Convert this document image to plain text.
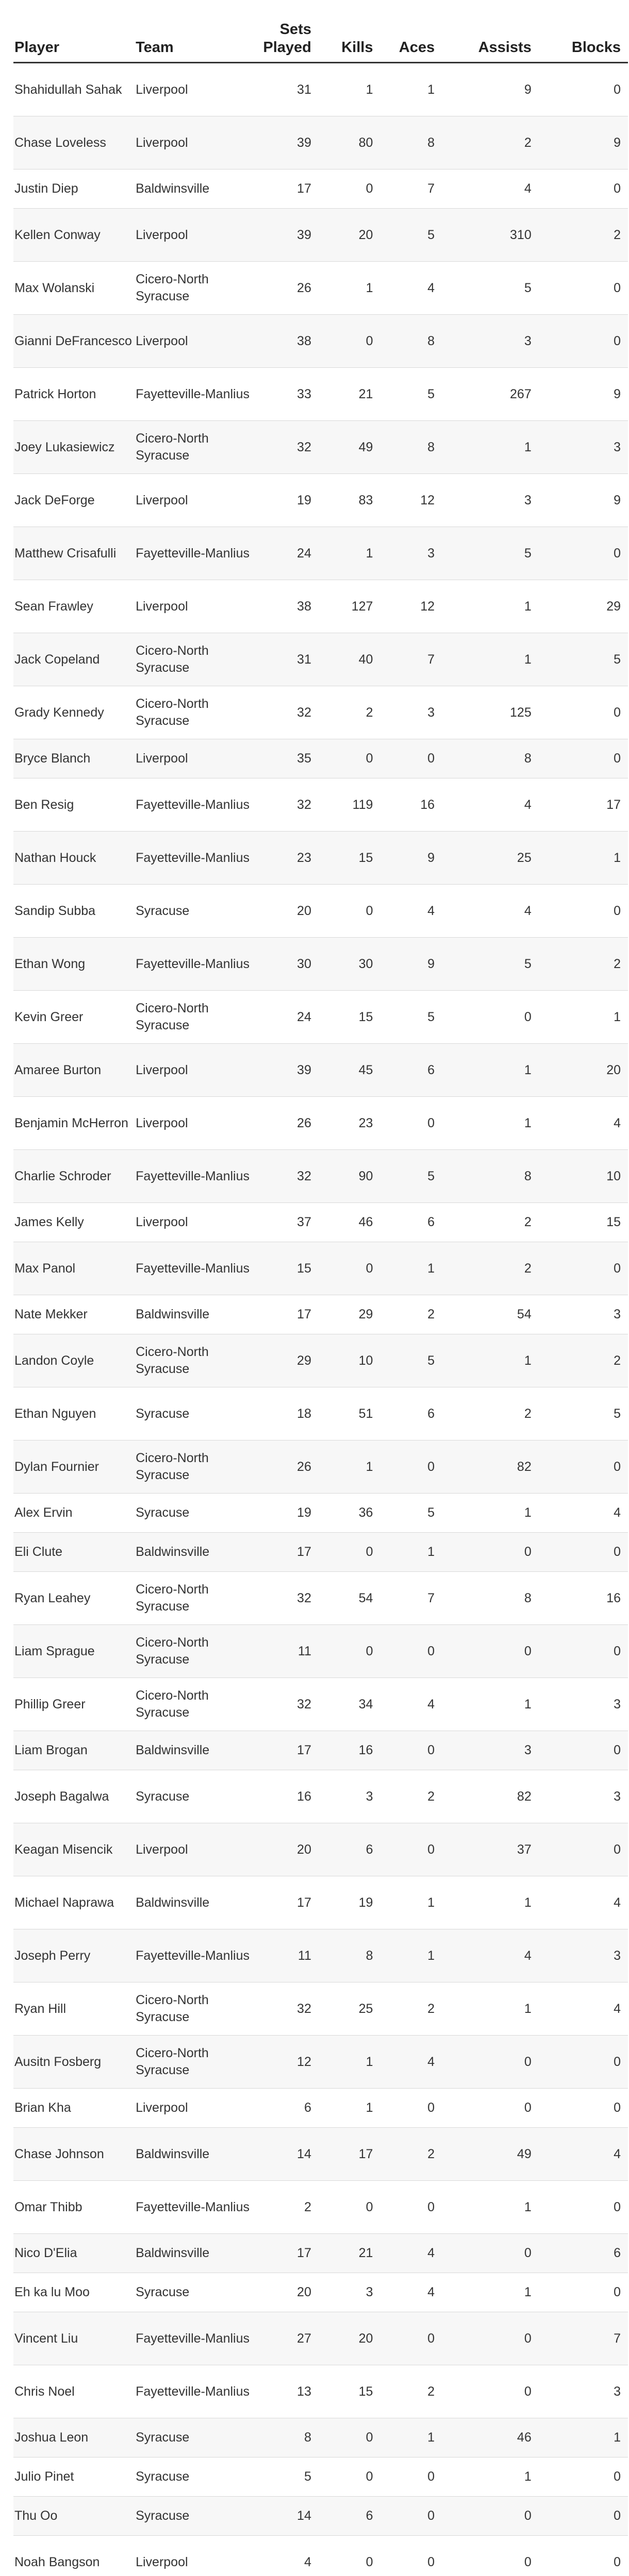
Player	Team	Sets Played	Kills	Aces	Assists	Blocks
Shahidullah Sahak	Liverpool	31	1	1	9	0
Chase Loveless	Liverpool	39	80	8	2	9
Justin Diep	Baldwinsville	17	0	7	4	0
Kellen Conway	Liverpool	39	20	5	310	2
Max Wolanski	Cicero-North Syracuse	26	1	4	5	0
Gianni DeFrancesco	Liverpool	38	0	8	3	0
Patrick Horton	Fayetteville-Manlius	33	21	5	267	9
Joey Lukasiewicz	Cicero-North Syracuse	32	49	8	1	3
Jack DeForge	Liverpool	19	83	12	3	9
Matthew Crisafulli	Fayetteville-Manlius	24	1	3	5	0
Sean Frawley	Liverpool	38	127	12	1	29
Jack Copeland	Cicero-North Syracuse	31	40	7	1	5
Grady Kennedy	Cicero-North Syracuse	32	2	3	125	0
Bryce Blanch	Liverpool	35	0	0	8	0
Ben Resig	Fayetteville-Manlius	32	119	16	4	17
Nathan Houck	Fayetteville-Manlius	23	15	9	25	1
Sandip Subba	Syracuse	20	0	4	4	0
Ethan Wong	Fayetteville-Manlius	30	30	9	5	2
Kevin Greer	Cicero-North Syracuse	24	15	5	0	1
Amaree Burton	Liverpool	39	45	6	1	20
Benjamin McHerron	Liverpool	26	23	0	1	4
Charlie Schroder	Fayetteville-Manlius	32	90	5	8	10
James Kelly	Liverpool	37	46	6	2	15
Max Panol	Fayetteville-Manlius	15	0	1	2	0
Nate Mekker	Baldwinsville	17	29	2	54	3
Landon Coyle	Cicero-North Syracuse	29	10	5	1	2
Ethan Nguyen	Syracuse	18	51	6	2	5
Dylan Fournier	Cicero-North Syracuse	26	1	0	82	0
Alex Ervin	Syracuse	19	36	5	1	4
Eli Clute	Baldwinsville	17	0	1	0	0
Ryan Leahey	Cicero-North Syracuse	32	54	7	8	16
Liam Sprague	Cicero-North Syracuse	11	0	0	0	0
Phillip Greer	Cicero-North Syracuse	32	34	4	1	3
Liam Brogan	Baldwinsville	17	16	0	3	0
Joseph Bagalwa	Syracuse	16	3	2	82	3
Keagan Misencik	Liverpool	20	6	0	37	0
Michael Naprawa	Baldwinsville	17	19	1	1	4
Joseph Perry	Fayetteville-Manlius	11	8	1	4	3
Ryan Hill	Cicero-North Syracuse	32	25	2	1	4
Ausitn Fosberg	Cicero-North Syracuse	12	1	4	0	0
Brian Kha	Liverpool	6	1	0	0	0
Chase Johnson	Baldwinsville	14	17	2	49	4
Omar Thibb	Fayetteville-Manlius	2	0	0	1	0
Nico D'Elia	Baldwinsville	17	21	4	0	6
Eh ka lu Moo	Syracuse	20	3	4	1	0
Vincent Liu	Fayetteville-Manlius	27	20	0	0	7
Chris Noel	Fayetteville-Manlius	13	15	2	0	3
Joshua Leon	Syracuse	8	0	1	46	1
Julio Pinet	Syracuse	5	0	0	1	0
Thu Oo	Syracuse	14	6	0	0	0
Noah Bangson	Liverpool	4	0	0	0	0
